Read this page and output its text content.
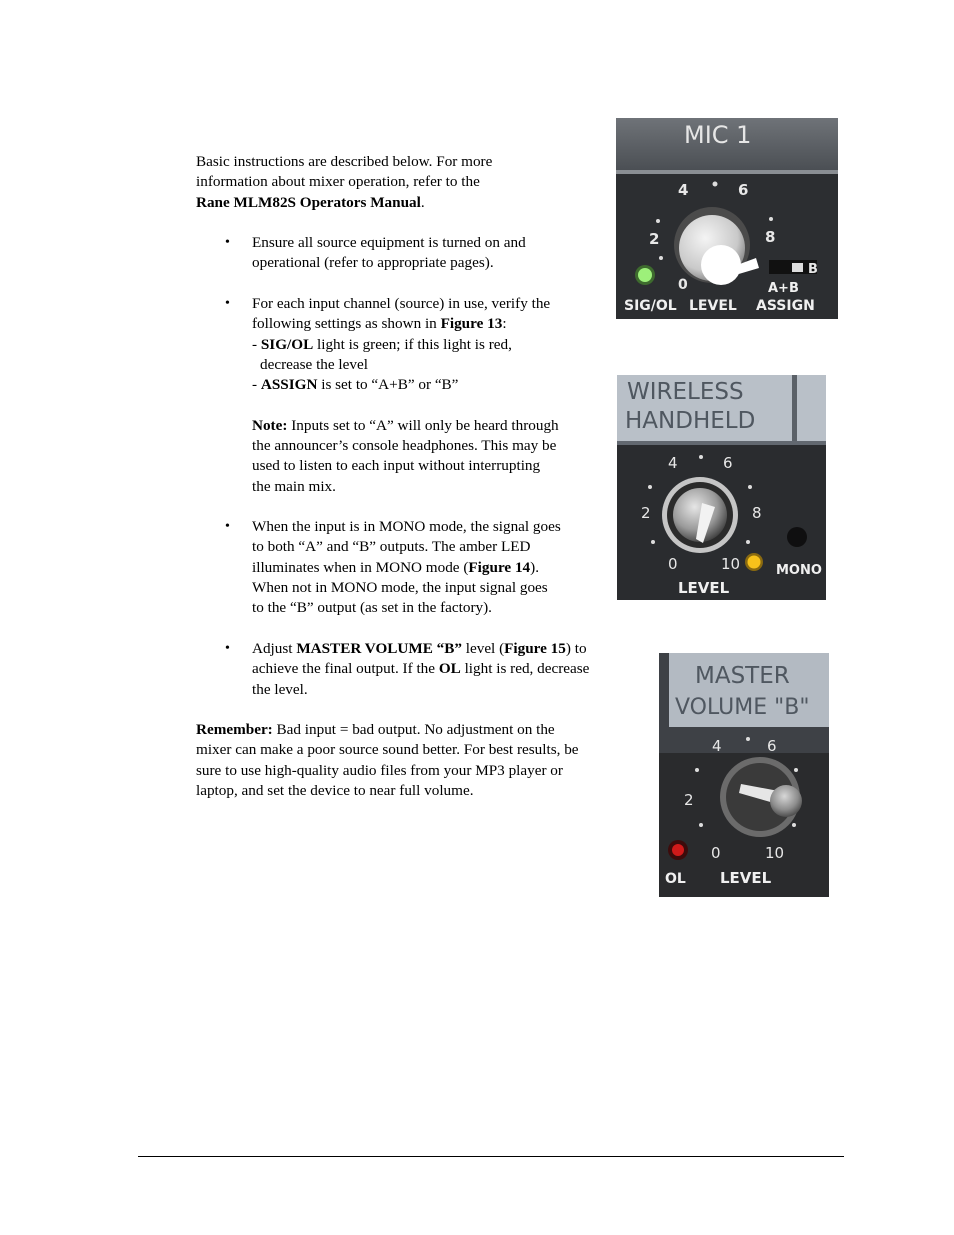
Basic instructions are described below. For more
information about mixer operation, refer to the
Rane MLM82S Operators Manual.
• Ensure all source equipment is turned on and
operational (refer to appropriate pages).
• For each input channel (source) in use, verify the
following settings as shown in Figure 13:
- SIG/OL light is green; if this light is red,
decrease the level
- ASSIGN is set to “A+B” or “B”
Note: Inputs set to “A” will only be heard through
the announcer’s console headphones. This may be
used to listen to each input without interrupting
the main mix.
• When the input is in MONO mode, the signal goes
to both “A” and “B” outputs. The amber LED
illuminates when in MONO mode (Figure 14).
When not in MONO mode, the input signal goes
to the “B” output (as set in the factory).
• Adjust MASTER VOLUME “B” level (Figure 15) to
achieve the final output. If the OL light is red, decrease
the level.
Remember: Bad input = bad output. No adjustment on the
mixer can make a poor source sound better. For best results, be
sure to use high-quality audio files from your MP3 player or
laptop, and set the device to near full volume.
MIC 1
4	6
2	8
0
B
SIG/OL LEVEL
A+B
ASSIGN
WIRELESS
HANDHELD
4	6
2	8
0	10	MONO
LEVEL
MASTER
VOLUME "B"
4	6
2
0	10
OL LEVEL
